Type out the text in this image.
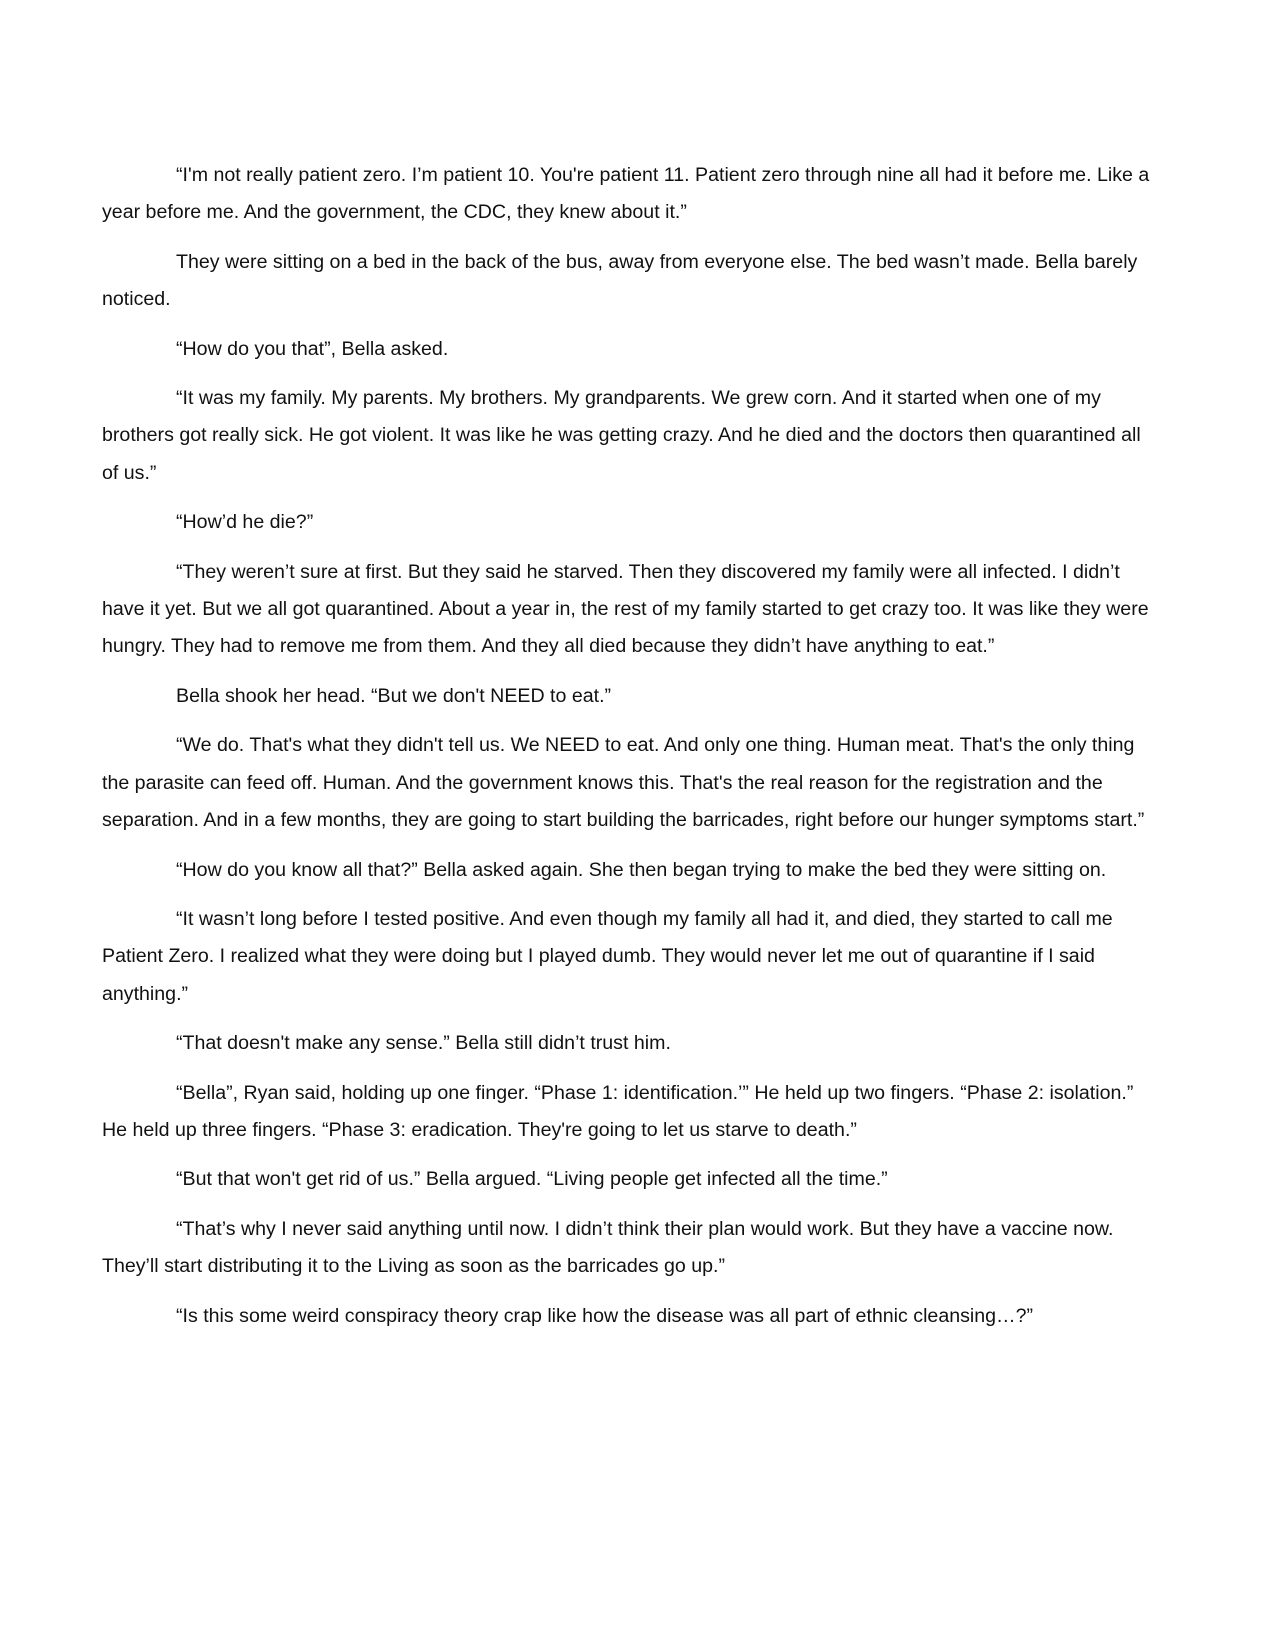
“I'm not really patient zero. I’m patient 10. You're patient 11. Patient zero through nine all had it before me. Like a year before me. And the government, the CDC, they knew about it.”

They were sitting on a bed in the back of the bus, away from everyone else. The bed wasn’t made. Bella barely noticed.

“How do you that”, Bella asked.

“It was my family. My parents. My brothers. My grandparents. We grew corn. And it started when one of my brothers got really sick. He got violent. It was like he was getting crazy. And he died and the doctors then quarantined all of us.”

“How’d he die?”

“They weren’t sure at first. But they said he starved. Then they discovered my family were all infected. I didn’t have it yet. But we all got quarantined. About a year in, the rest of my family started to get crazy too. It was like they were hungry. They had to remove me from them. And they all died because they didn’t have anything to eat.”

Bella shook her head. “But we don't NEED to eat.”

“We do. That's what they didn't tell us. We NEED to eat. And only one thing. Human meat. That's the only thing the parasite can feed off. Human. And the government knows this. That's the real reason for the registration and the separation. And in a few months, they are going to start building the barricades, right before our hunger symptoms start.”

“How do you know all that?” Bella asked again. She then began trying to make the bed they were sitting on.

“It wasn’t long before I tested positive. And even though my family all had it, and died, they started to call me Patient Zero. I realized what they were doing but I played dumb. They would never let me out of quarantine if I said anything.”

“That doesn't make any sense.” Bella still didn’t trust him.

“Bella”, Ryan said, holding up one finger. “Phase 1: identification.’” He held up two fingers. “Phase 2: isolation.” He held up three fingers. “Phase 3: eradication. They're going to let us starve to death.”

“But that won't get rid of us.” Bella argued. “Living people get infected all the time.”

“That’s why I never said anything until now. I didn’t think their plan would work. But they have a vaccine now. They’ll start distributing it to the Living as soon as the barricades go up.”

“Is this some weird conspiracy theory crap like how the disease was all part of ethnic cleansing…?”
